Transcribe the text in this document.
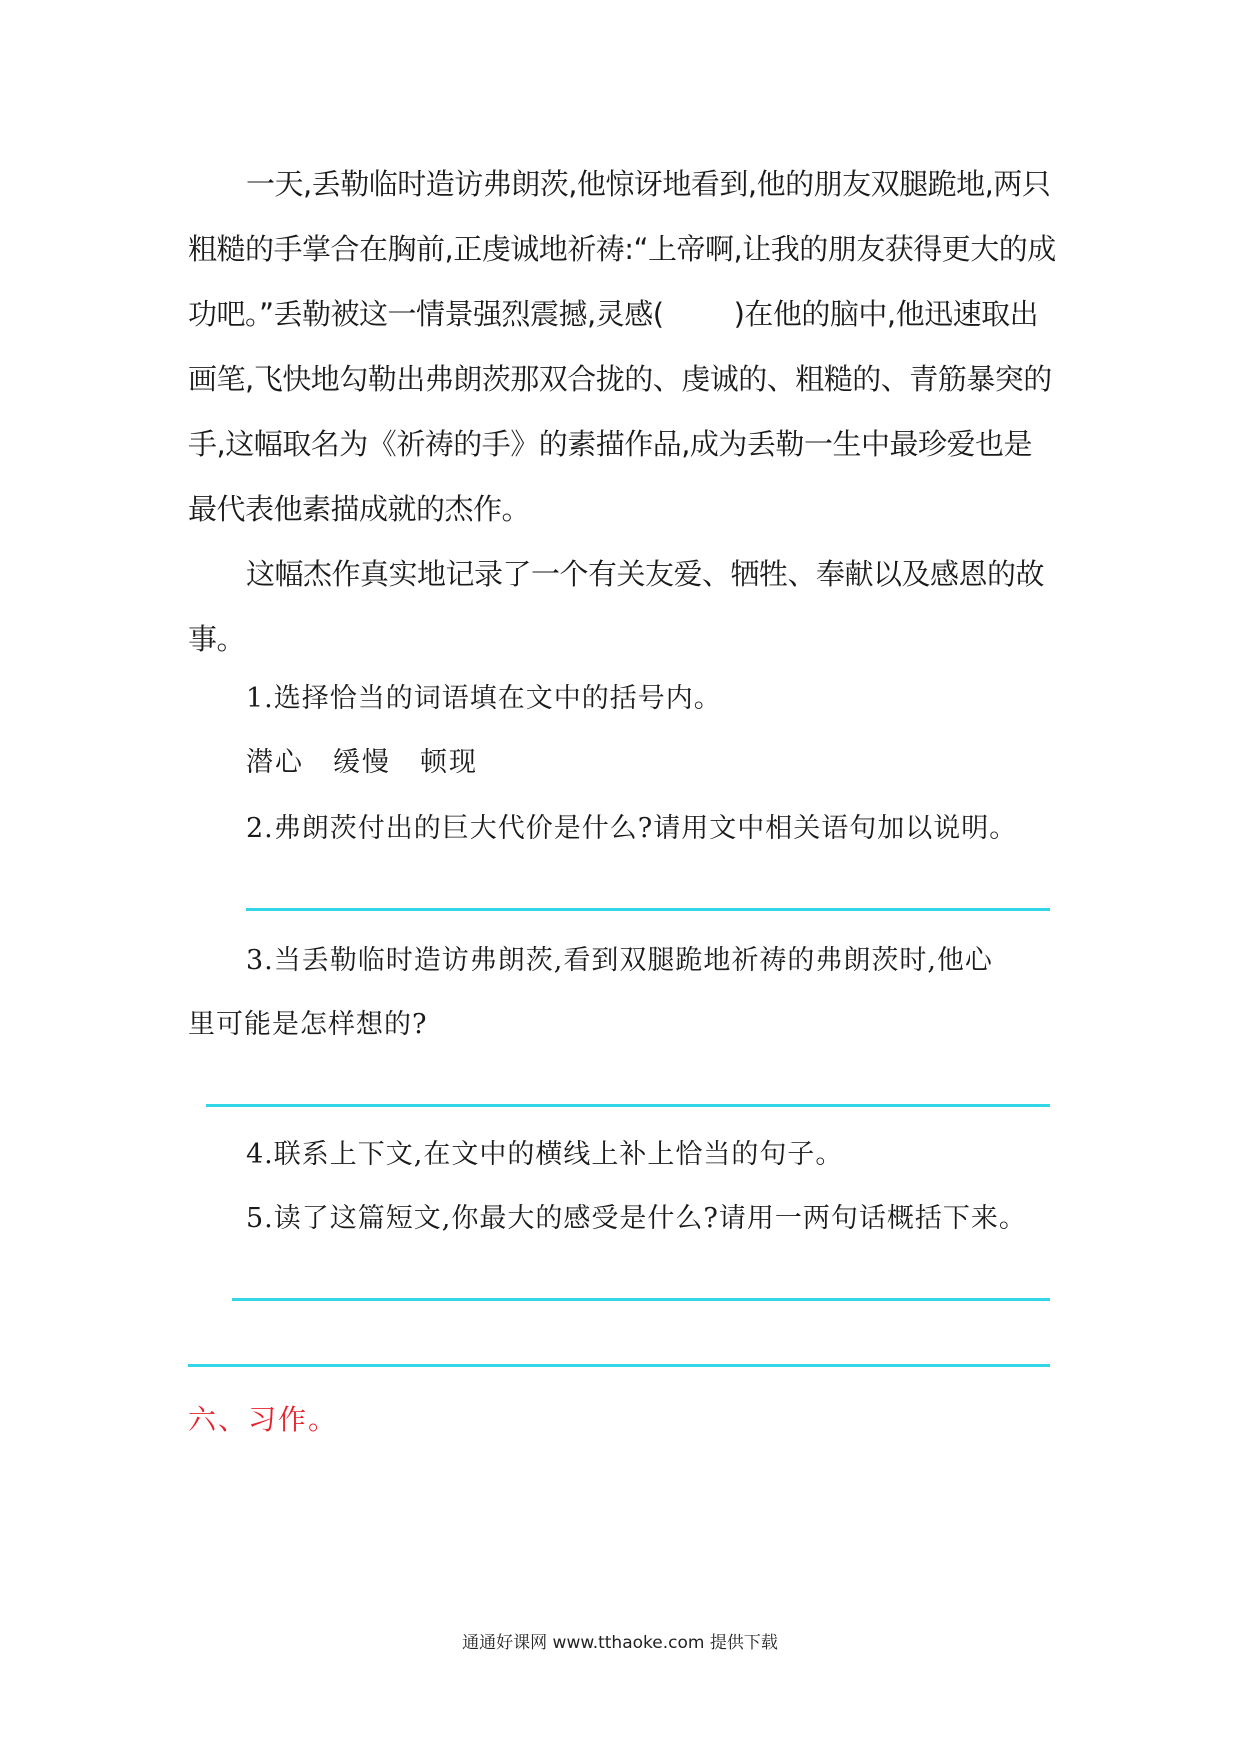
一天,丢勒临时造访弗朗茨,他惊讶地看到,他的朋友双腿跪地,两只粗糙的手掌合在胸前,正虔诚地祈祷:“上帝啊,让我的朋友获得更大的成功吧。”丢勒被这一情景强烈震撼,灵感( )在他的脑中,他迅速取出画笔,飞快地勾勒出弗朗茨那双合拢的、虔诚的、粗糙的、青筋暴突的手,这幅取名为《祈祷的手》的素描作品,成为丢勒一生中最珍爱也是最代表他素描成就的杰作。

这幅杰作真实地记录了一个有关友爱、牺牲、奉献以及感恩的故事。

1.选择恰当的词语填在文中的括号内。
潜心　缓慢　顿现
2.弗朗茨付出的巨大代价是什么?请用文中相关语句加以说明。
3.当丢勒临时造访弗朗茨,看到双腿跪地祈祷的弗朗茨时,他心
里可能是怎样想的?
4.联系上下文,在文中的横线上补上恰当的句子。
5.读了这篇短文,你最大的感受是什么?请用一两句话概括下来。
六、习作。
通通好课网 www.tthaoke.com 提供下载
